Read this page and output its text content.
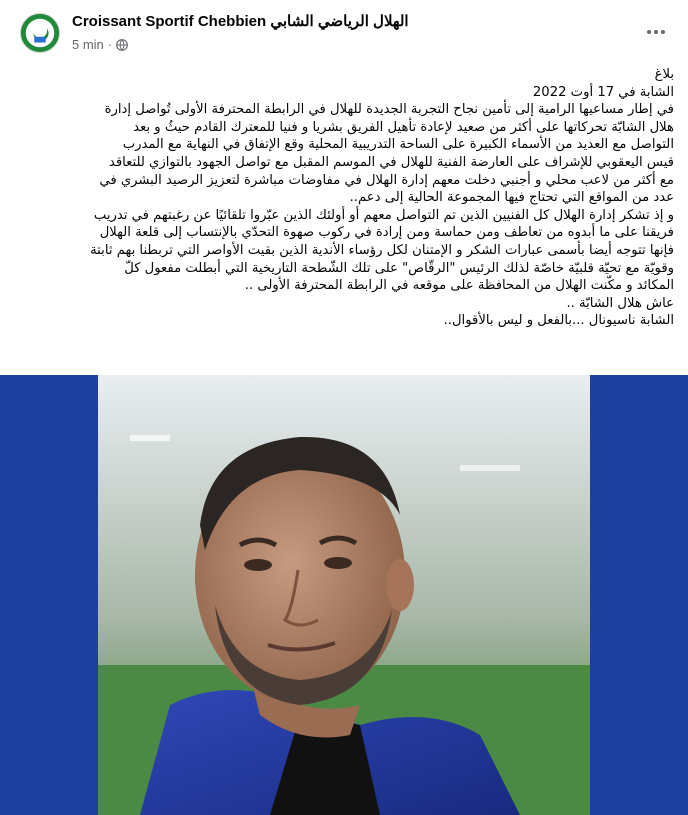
Croissant Sportif Chebbien الهلال الرياضي الشابي
5 min ·

بلاغ

الشابة في 17 أوت 2022

في إطار مساعيها الرامية إلى تأمين نجاح التجربة الجديدة للهلال في الرابطة المحترفة الأولى تُواصل إدارة

هلال الشابّة تحركاتها على أكثر من صعيد لإعادة تأهيل الفريق بشريا و فنيا للمعترك القادم حيثُ و بعد

التواصل مع العديد من الأسماء الكبيرة على الساحة التدريبية المحلية وقع الإتفاق في النهاية مع المدرب

قيس اليعقوبي للإشراف على العارضة الفنية للهلال في الموسم المقبل مع تواصل الجهود بالتوازي للتعاقد

مع أكثر من لاعب محلي و أجنبي دخلت معهم إدارة الهلال في مفاوضات مباشرة لتعزيز الرصيد البشري في

عدد من المواقع التي تحتاج فيها المجموعة الحالية إلى دعم..

و إذ تشكر إدارة الهلال كل الفنيين الذين تم التواصل معهم أو أولئك الذين عبّروا تلقائيًا عن رغبتهم في تدريب

فريقنا على ما أبدوه من تعاطف ومن حماسة ومن إرادة في ركوب صهوة التحدّي بالإنتساب إلى قلعة الهلال

فإنها تتوجه أيضا بأسمى عبارات الشكر و الإمتنان لكل رؤساء الأندية الذين بقيت الأواصر التي تربطنا بهم ثابتة

وقويّة مع تحيّة قلبيّة خاصّة لذلك الرئيس "الرقّاص" على تلك الشّطحة التاريخية التي أبطلت مفعول كلّ

المكائد و مكّنت الهلال من المحافظة على موقعه في الرابطة المحترفة الأولى ..

عاش هلال الشابّة ..

الشابة ناسيونال ...بالفعل و ليس بالأقوال..
